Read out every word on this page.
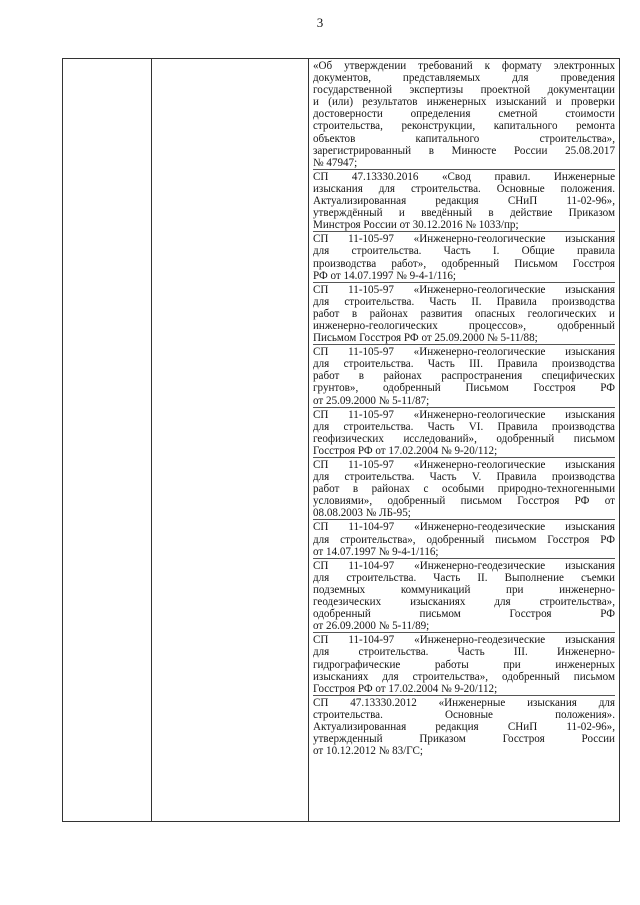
3

«Об утверждении требований к формату электронных
документов, представляемых для проведения
государственной экспертизы проектной документации
и (или) результатов инженерных изысканий и проверки
достоверности определения сметной стоимости
строительства, реконструкции, капитального ремонта
объектов капитального строительства»,
зарегистрированный в Минюсте России 25.08.2017
№ 47947;
СП 47.13330.2016 «Свод правил. Инженерные
изыскания для строительства. Основные положения.
Актуализированная редакция СНиП 11-02-96»,
утверждённый и введённый в действие Приказом
Минстроя России от 30.12.2016 № 1033/пр;
СП 11-105-97 «Инженерно-геологические изыскания
для строительства. Часть I. Общие правила
производства работ», одобренный Письмом Госстроя
РФ от 14.07.1997 № 9-4-1/116;
СП 11-105-97 «Инженерно-геологические изыскания
для строительства. Часть II. Правила производства
работ в районах развития опасных геологических и
инженерно-геологических процессов», одобренный
Письмом Госстроя РФ от 25.09.2000 № 5-11/88;
СП 11-105-97 «Инженерно-геологические изыскания
для строительства. Часть III. Правила производства
работ в районах распространения специфических
грунтов», одобренный Письмом Госстроя РФ
от 25.09.2000 № 5-11/87;
СП 11-105-97 «Инженерно-геологические изыскания
для строительства. Часть VI. Правила производства
геофизических исследований», одобренный письмом
Госстроя РФ от 17.02.2004 № 9-20/112;
СП 11-105-97 «Инженерно-геологические изыскания
для строительства. Часть V. Правила производства
работ в районах с особыми природно-техногенными
условиями», одобренный письмом Госстроя РФ от
08.08.2003 № ЛБ-95;
СП 11-104-97 «Инженерно-геодезические изыскания
для строительства», одобренный письмом Госстроя РФ
от 14.07.1997 № 9-4-1/116;
СП 11-104-97 «Инженерно-геодезические изыскания
для строительства. Часть II. Выполнение съемки
подземных коммуникаций при инженерно-
геодезических изысканиях для строительства»,
одобренный письмом Госстроя РФ
от 26.09.2000 № 5-11/89;
СП 11-104-97 «Инженерно-геодезические изыскания
для строительства. Часть III. Инженерно-
гидрографические работы при инженерных
изысканиях для строительства», одобренный письмом
Госстроя РФ от 17.02.2004 № 9-20/112;
СП 47.13330.2012 «Инженерные изыскания для
строительства. Основные положения».
Актуализированная редакция СНиП 11-02-96»,
утвержденный Приказом Госстроя России
от 10.12.2012 № 83/ГС;
